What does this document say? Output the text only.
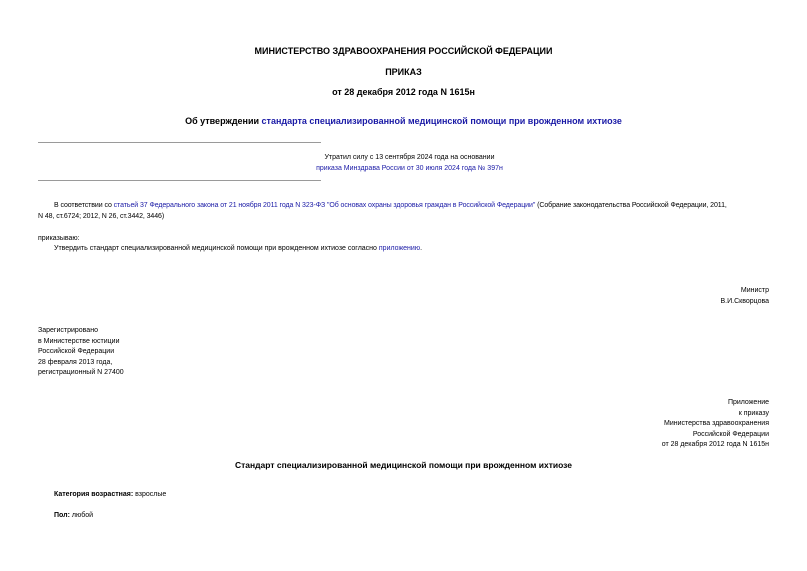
МИНИСТЕРСТВО ЗДРАВООХРАНЕНИЯ РОССИЙСКОЙ ФЕДЕРАЦИИ
ПРИКАЗ
от 28 декабря 2012 года N 1615н
Об утверждении стандарта специализированной медицинской помощи при врожденном ихтиозе
Утратил силу с 13 сентября 2024 года на основании
приказа Минздрава России от 30 июля 2024 года № 397н
В соответствии со статьей 37 Федерального закона от 21 ноября 2011 года N 323-ФЗ "Об основах охраны здоровья граждан в Российской Федерации" (Собрание законодательства Российской Федерации, 2011,
N 48, ст.6724; 2012, N 26, ст.3442, 3446)
приказываю:
Утвердить стандарт специализированной медицинской помощи при врожденном ихтиозе согласно приложению.
Министр
В.И.Скворцова
Зарегистрировано
в Министерстве юстиции
Российской Федерации
28 февраля 2013 года,
регистрационный N 27400
Приложение
к приказу
Министерства здравоохранения
Российской Федерации
от 28 декабря 2012 года N 1615н
Стандарт специализированной медицинской помощи при врожденном ихтиозе
Категория возрастная: взрослые
Пол: любой
